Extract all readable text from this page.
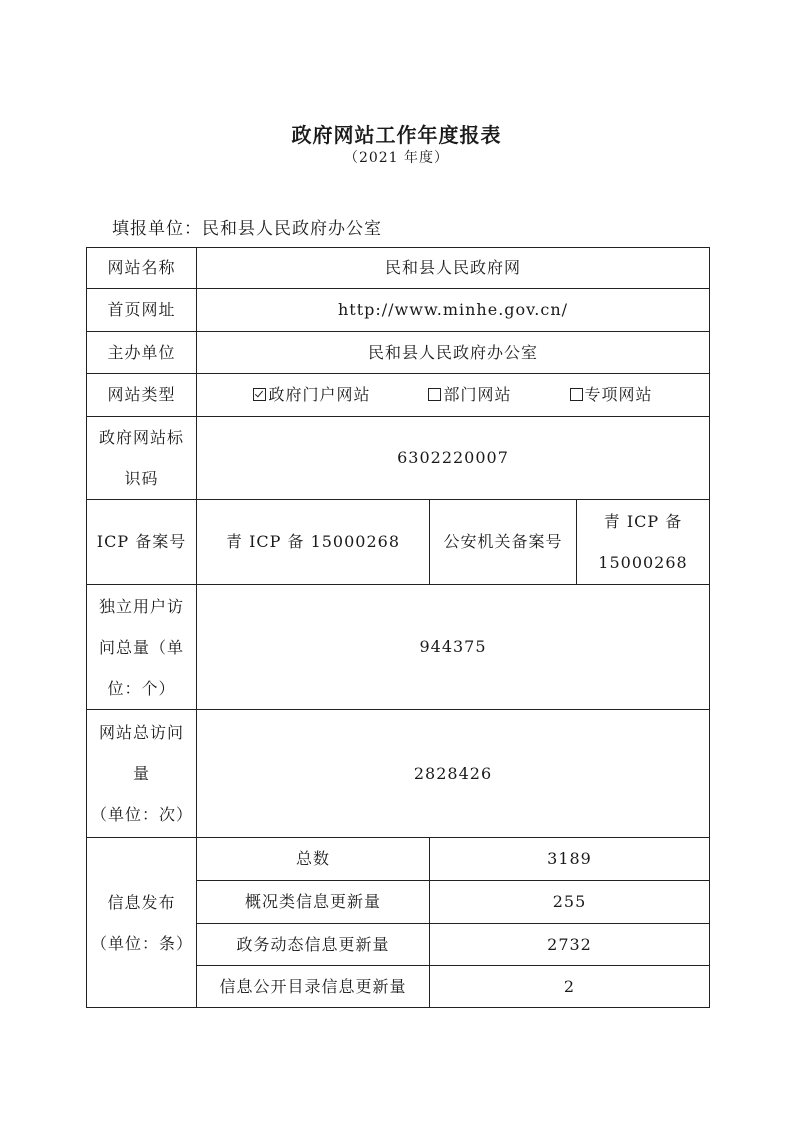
政府网站工作年度报表
（2021 年度）
填报单位：民和县人民政府办公室
网站名称	民和县人民政府网		
首页网址	http://www.minhe.gov.cn/		
主办单位	民和县人民政府办公室		
网站类型	政府门户网站 部门网站 专项网站		

政府网站标
识码	6302220007		
ICP 备案号	青 ICP 备 15000268	公安机关备案号	青 ICP 备
15000268

独立用户访
问总量（单
位：个）	944375		

网站总访问
量
（单位：次）	2828426		

信息发布
（单位：条）	总数	3189	
	概况类信息更新量	255	
	政务动态信息更新量	2732	
	信息公开目录信息更新量	2	
